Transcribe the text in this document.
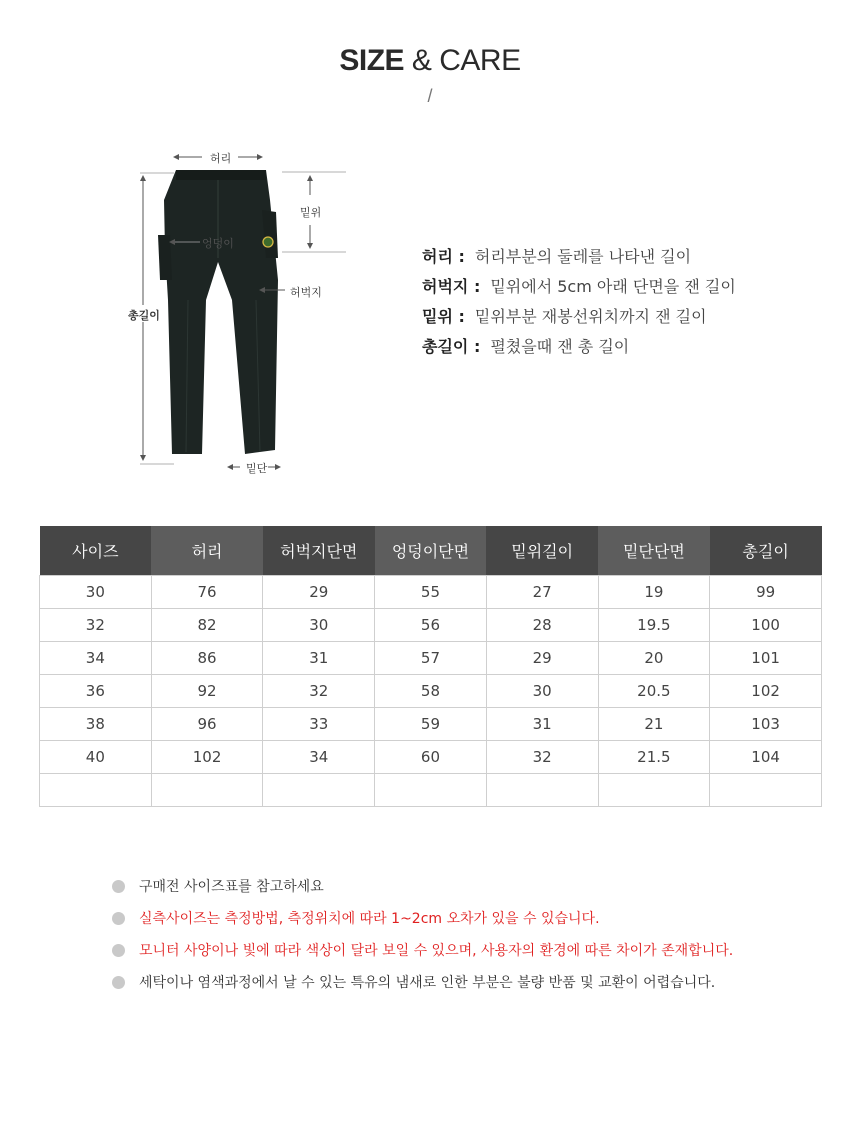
SIZE & CARE
/
허리
밑위
엉덩이
허벅지
총길이
밑단
허리 : 허리부분의 둘레를 나타낸 길이
허벅지 : 밑위에서 5cm 아래 단면을 잰 길이
밑위 : 밑위부분 재봉선위치까지 잰 길이
총길이 : 펼쳤을때 잰 총 길이
사이즈	허리	허벅지단면	엉덩이단면	밑위길이	밑단단면	총길이
30	76	29	55	27	19	99
32	82	30	56	28	19.5	100
34	86	31	57	29	20	101
36	92	32	58	30	20.5	102
38	96	33	59	31	21	103
40	102	34	60	32	21.5	104

구매전 사이즈표를 참고하세요
실측사이즈는 측정방법, 측정위치에 따라 1~2cm 오차가 있을 수 있습니다.
모니터 사양이나 빛에 따라 색상이 달라 보일 수 있으며, 사용자의 환경에 따른 차이가 존재합니다.
세탁이나 염색과정에서 날 수 있는 특유의 냄새로 인한 부분은 불량 반품 및 교환이 어렵습니다.
